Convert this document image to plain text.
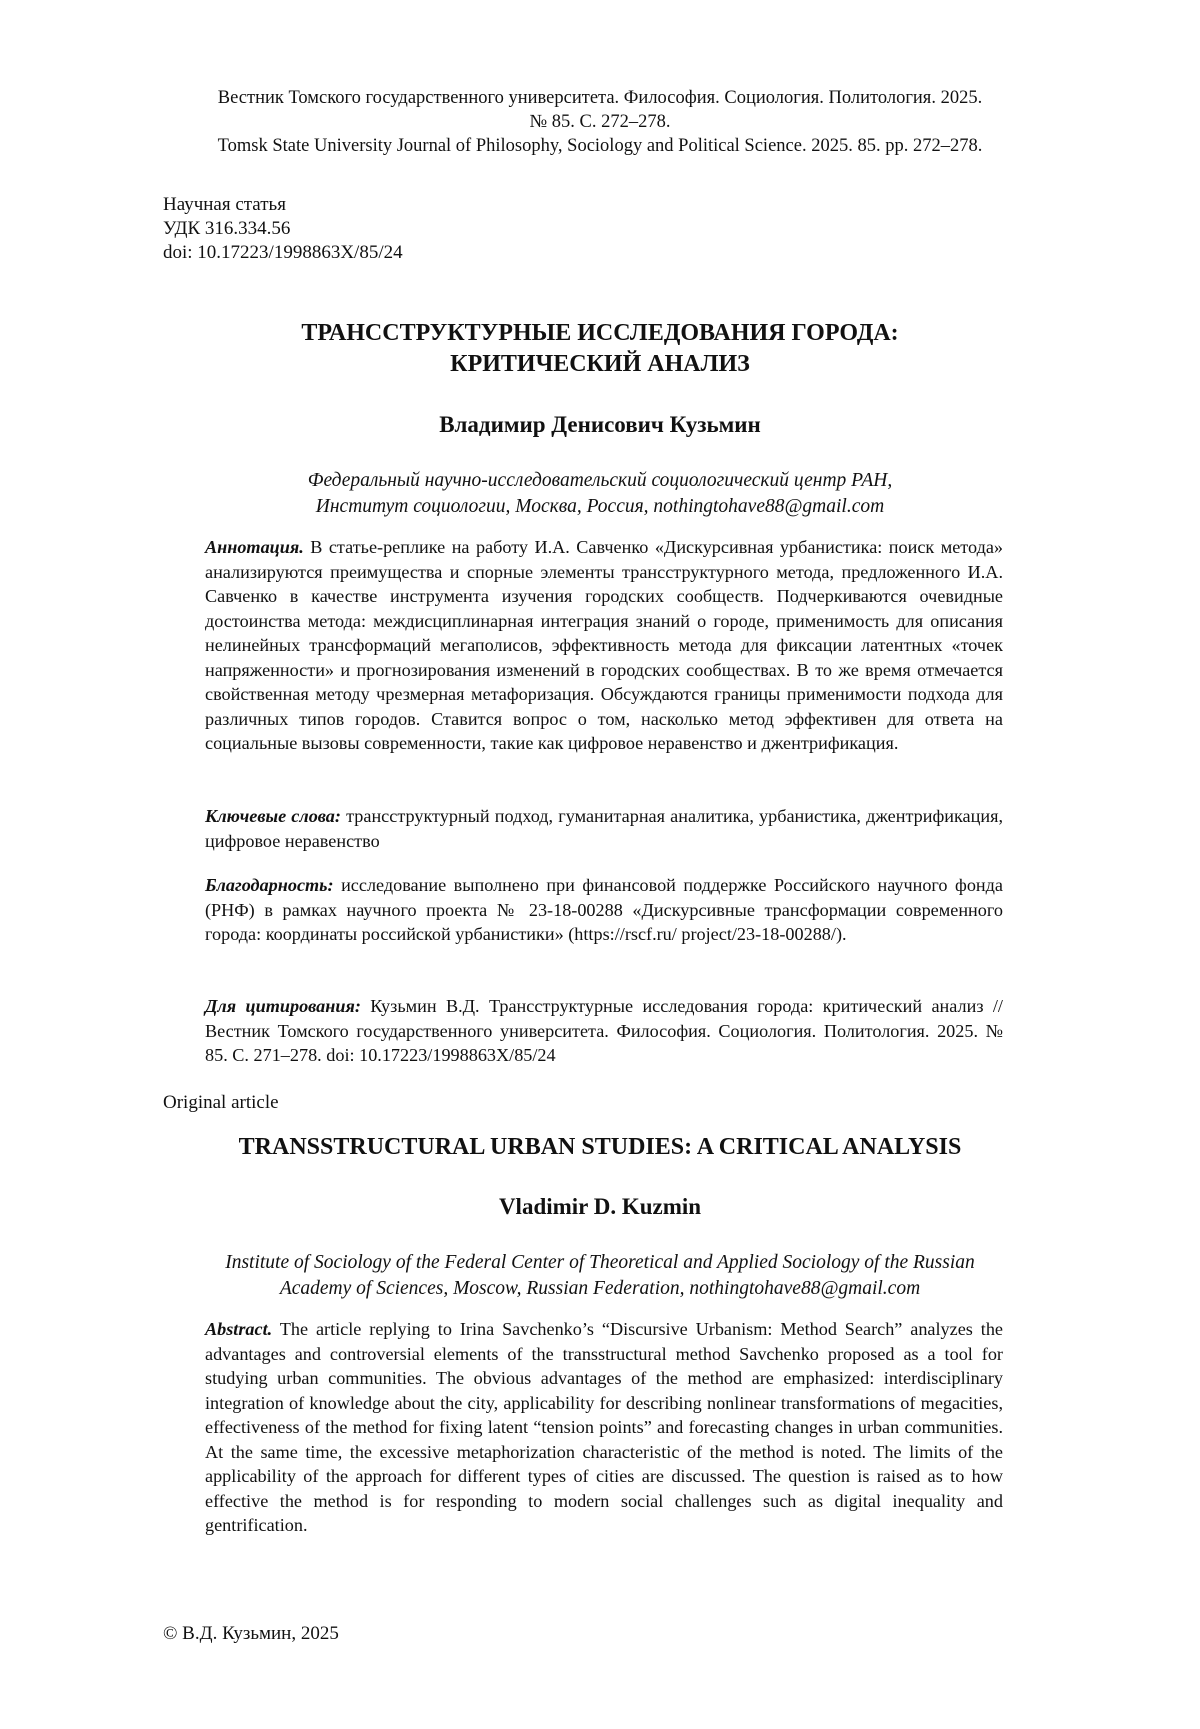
Вестник Томского государственного университета. Философия. Социология. Политология. 2025.
№ 85. С. 272–278.
Tomsk State University Journal of Philosophy, Sociology and Political Science. 2025. 85. pp. 272–278.
Научная статья
УДК 316.334.56
doi: 10.17223/1998863Х/85/24
ТРАНССТРУКТУРНЫЕ ИССЛЕДОВАНИЯ ГОРОДА:
КРИТИЧЕСКИЙ АНАЛИЗ
Владимир Денисович Кузьмин
Федеральный научно-исследовательский социологический центр РАН,
Институт социологии, Москва, Россия, nothingtohave88@gmail.com
Аннотация. В статье-реплике на работу И.А. Савченко «Дискурсивная урбанистика: поиск метода» анализируются преимущества и спорные элементы трансструктурного метода, предложенного И.А. Савченко в качестве инструмента изучения городских сообществ. Подчеркиваются очевидные достоинства метода: междисциплинарная интеграция знаний о городе, применимость для описания нелинейных трансформаций мегаполисов, эффективность метода для фиксации латентных «точек напряженности» и прогнозирования изменений в городских сообществах. В то же время отмечается свойственная методу чрезмерная метафоризация. Обсуждаются границы применимости подхода для различных типов городов. Ставится вопрос о том, насколько метод эффективен для ответа на социальные вызовы современности, такие как цифровое неравенство и джентрификация.
Ключевые слова: трансструктурный подход, гуманитарная аналитика, урбанистика, джентрификация, цифровое неравенство
Благодарность: исследование выполнено при финансовой поддержке Российского научного фонда (РНФ) в рамках научного проекта № 23-18-00288 «Дискурсивные трансформации современного города: координаты российской урбанистики» (https://rscf.ru/ project/23-18-00288/).
Для цитирования: Кузьмин В.Д. Трансструктурные исследования города: критический анализ // Вестник Томского государственного университета. Философия. Социология. Политология. 2025. № 85. С. 271–278. doi: 10.17223/1998863Х/85/24
Original article
TRANSSTRUCTURAL URBAN STUDIES: A CRITICAL ANALYSIS
Vladimir D. Kuzmin
Institute of Sociology of the Federal Center of Theoretical and Applied Sociology of the Russian
Academy of Sciences, Moscow, Russian Federation, nothingtohave88@gmail.com
Abstract. The article replying to Irina Savchenko’s “Discursive Urbanism: Method Search” analyzes the advantages and controversial elements of the transstructural method Savchenko proposed as a tool for studying urban communities. The obvious advantages of the method are emphasized: interdisciplinary integration of knowledge about the city, applicability for describing nonlinear transformations of megacities, effectiveness of the method for fixing latent “tension points” and forecasting changes in urban communities. At the same time, the excessive metaphorization characteristic of the method is noted. The limits of the applicability of the approach for different types of cities are discussed. The question is raised as to how effective the method is for responding to modern social challenges such as digital inequality and gentrification.
© В.Д. Кузьмин, 2025
